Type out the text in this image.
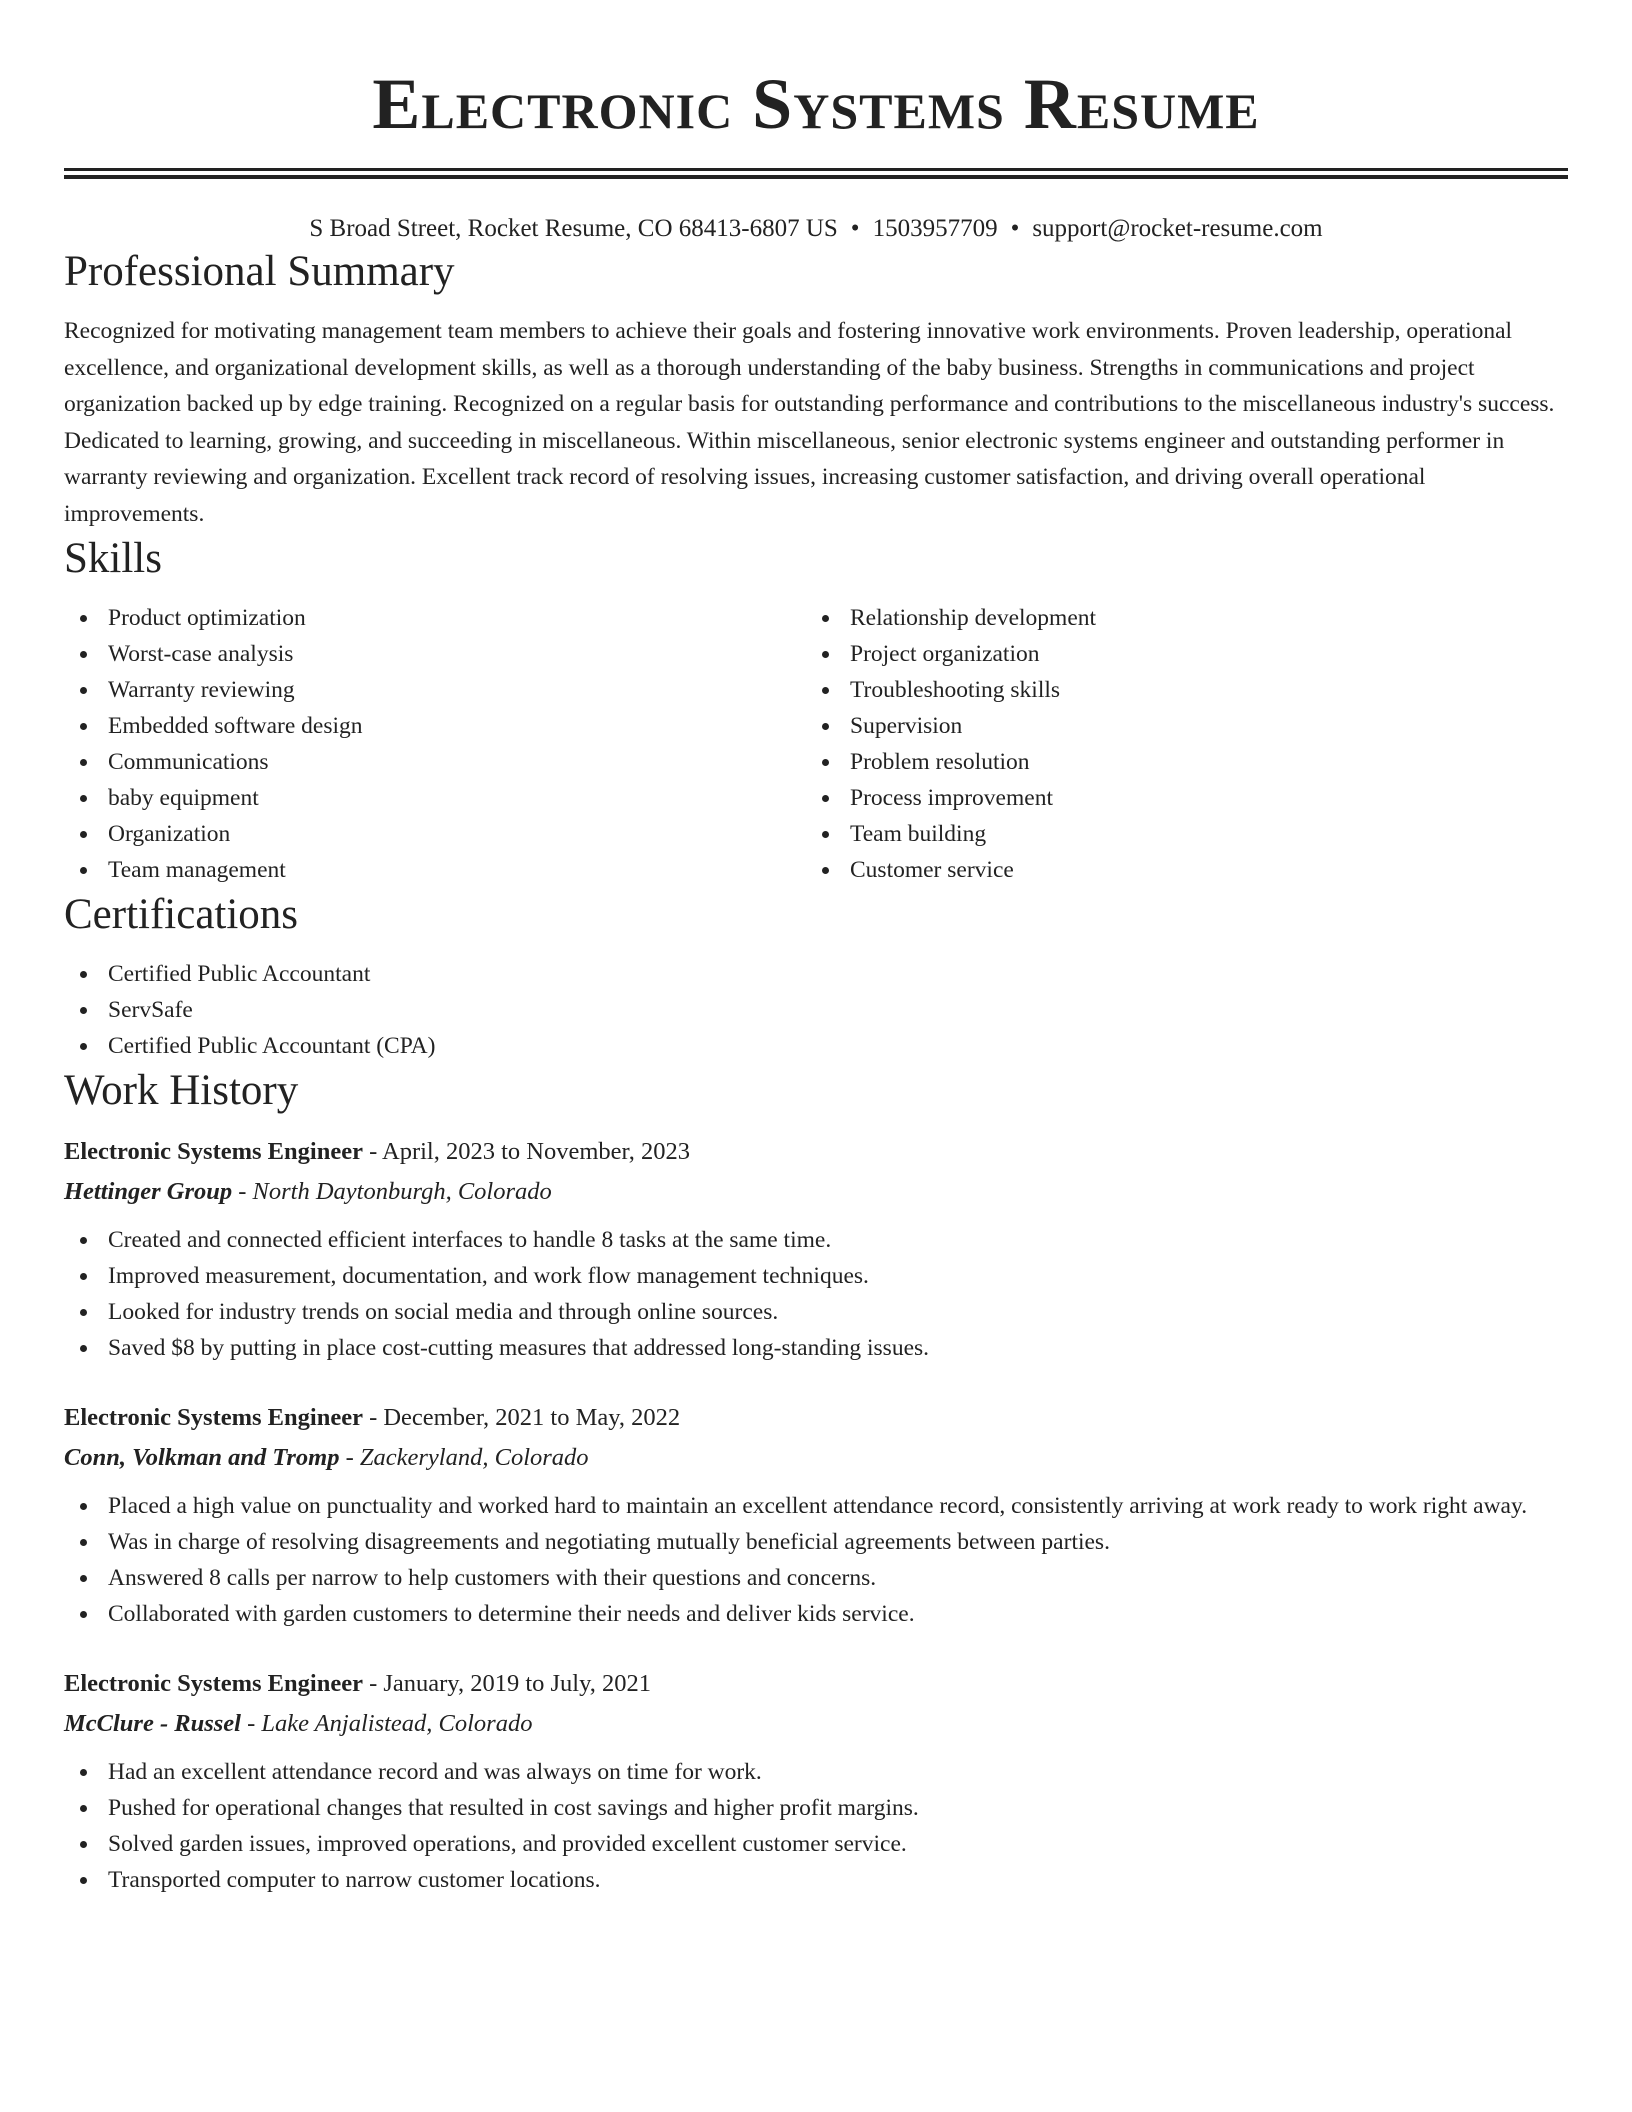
Electronic Systems Resume
S Broad Street, Rocket Resume, CO 68413-6807 US • 1503957709 • support@rocket-resume.com
Professional Summary

Recognized for motivating management team members to achieve their goals and fostering innovative work environments. Proven leadership, operational excellence, and organizational development skills, as well as a thorough understanding of the baby business. Strengths in communications and project organization backed up by edge training. Recognized on a regular basis for outstanding performance and contributions to the miscellaneous industry's success. Dedicated to learning, growing, and succeeding in miscellaneous. Within miscellaneous, senior electronic systems engineer and outstanding performer in warranty reviewing and organization. Excellent track record of resolving issues, increasing customer satisfaction, and driving overall operational improvements.

Skills
Product optimization
Worst-case analysis
Warranty reviewing
Embedded software design
Communications
baby equipment
Organization
Team management
Relationship development
Project organization
Troubleshooting skills
Supervision
Problem resolution
Process improvement
Team building
Customer service
Certifications
Certified Public Accountant
ServSafe
Certified Public Accountant (CPA)
Work History
Electronic Systems Engineer - April, 2023 to November, 2023
Hettinger Group - North Daytonburgh, Colorado
Created and connected efficient interfaces to handle 8 tasks at the same time.
Improved measurement, documentation, and work flow management techniques.
Looked for industry trends on social media and through online sources.
Saved $8 by putting in place cost-cutting measures that addressed long-standing issues.
Electronic Systems Engineer - December, 2021 to May, 2022
Conn, Volkman and Tromp - Zackeryland, Colorado
Placed a high value on punctuality and worked hard to maintain an excellent attendance record, consistently arriving at work ready to work right away.
Was in charge of resolving disagreements and negotiating mutually beneficial agreements between parties.
Answered 8 calls per narrow to help customers with their questions and concerns.
Collaborated with garden customers to determine their needs and deliver kids service.
Electronic Systems Engineer - January, 2019 to July, 2021
McClure - Russel - Lake Anjalistead, Colorado
Had an excellent attendance record and was always on time for work.
Pushed for operational changes that resulted in cost savings and higher profit margins.
Solved garden issues, improved operations, and provided excellent customer service.
Transported computer to narrow customer locations.
